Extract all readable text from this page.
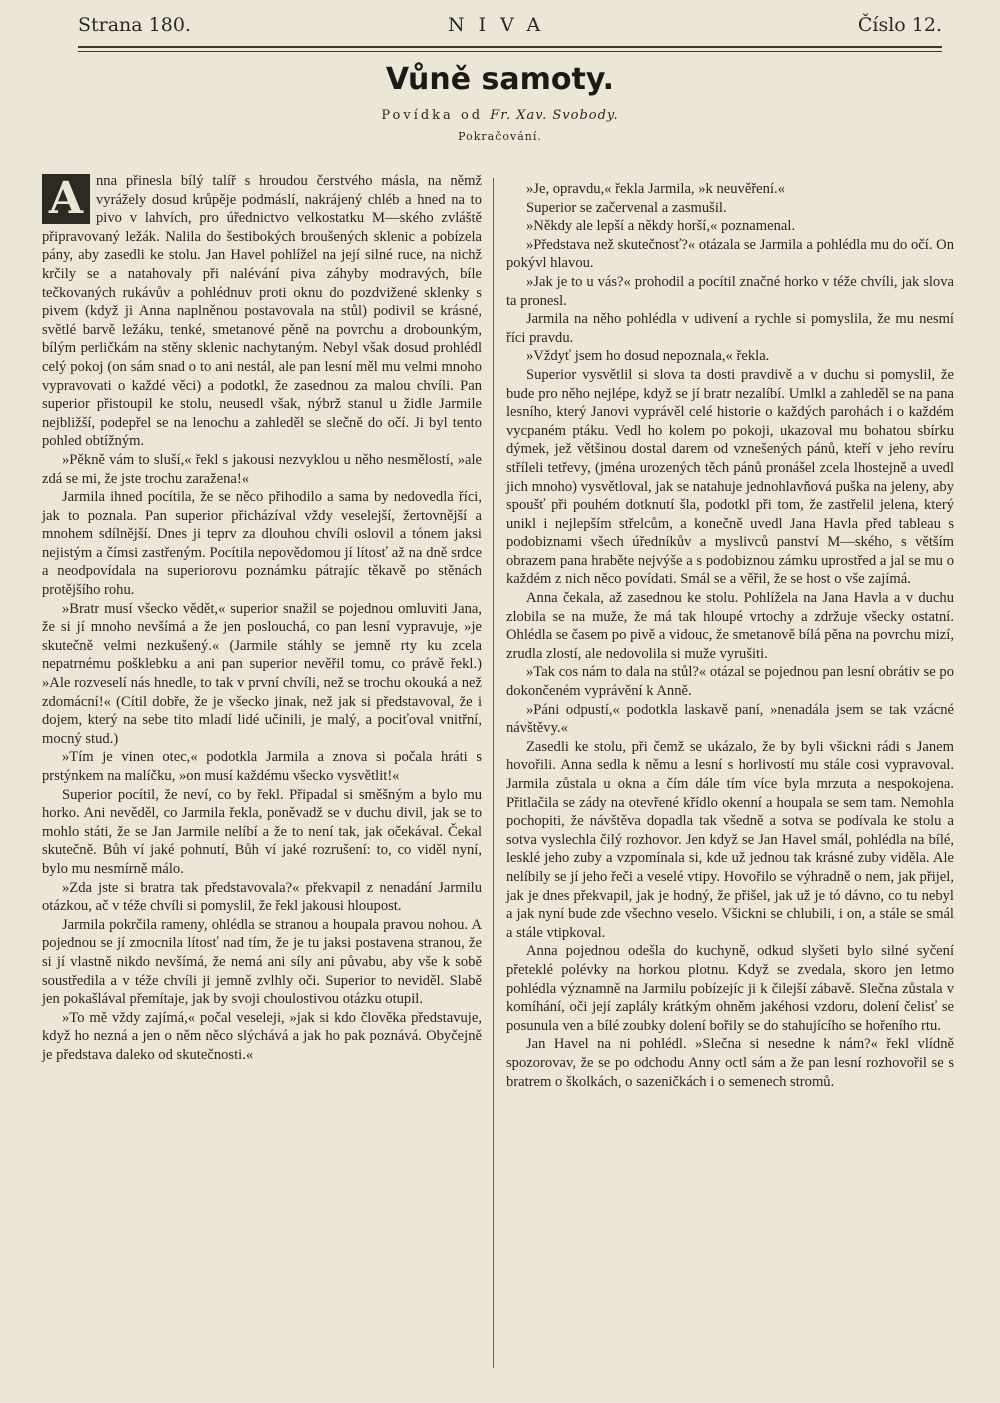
Strana 180.	NIVA	Číslo 12.
Vůně samoty.
Povídka od Fr. Xav. Svobody.
Pokračování.

A nna přinesla bílý talíř s hroudou čerstvého másla, na němž vyrážely dosud krůpěje podmáslí, nakrájený chléb a hned na to pivo v lahvích, pro úřednictvo velkostatku M—ského zvláště připravovaný ležák. Nalila do šestibokých broušených sklenic a pobízela pány, aby zasedli ke stolu. Jan Havel pohlížel na její silné ruce, na nichž krčily se a natahovaly při nalévání piva záhyby modravých, bíle tečkovaných rukávův a pohlédnuv proti oknu do pozdvižené sklenky s pivem (když ji Anna naplněnou postavovala na stůl) podivil se krásné, světlé barvě ležáku, tenké, smetanové pěně na povrchu a drobounkým, bílým perličkám na stěny sklenic nachytaným. Nebyl však dosud prohlédl celý pokoj (on sám snad o to ani nestál, ale pan lesní měl mu velmi mnoho vypravovati o každé věci) a podotkl, že zasednou za malou chvíli. Pan superior přistoupil ke stolu, neusedl však, nýbrž stanul u židle Jarmile nejbližší, podepřel se na lenochu a zahleděl se slečně do očí. Ji byl tento pohled obtížným.

»Pěkně vám to sluší,« řekl s jakousi nezvyklou u něho nesmělostí, »ale zdá se mi, že jste trochu zaražena!«

Jarmila ihned pocítila, že se něco přihodilo a sama by nedovedla říci, jak to poznala. Pan superior přicházíval vždy veselejší, žertovnější a mnohem sdílnější. Dnes ji teprv za dlouhou chvíli oslovil a tónem jaksi nejistým a čímsi zastřeným. Pocítila nepovědomou jí lítosť až na dně srdce a neodpovídala na superiorovu poznámku pátrajíc těkavě po stěnách protějšího rohu.

»Bratr musí všecko vědět,« superior snažil se pojednou omluviti Jana, že si jí mnoho nevšímá a že jen poslouchá, co pan lesní vypravuje, »je skutečně velmi nezkušený.« (Jarmile stáhly se jemně rty ku zcela nepatrnému pošklebku a ani pan superior nevěřil tomu, co právě řekl.) »Ale rozveselí nás hnedle, to tak v první chvíli, než se trochu okouká a než zdomácní!« (Cítil dobře, že je všecko jinak, než jak si představoval, že i dojem, který na sebe tito mladí lidé učinili, je malý, a pociťoval vnitřní, mocný stud.)

»Tím je vinen otec,« podotkla Jarmila a znova si počala hráti s prstýnkem na malíčku, »on musí každému všecko vysvětlit!«

Superior pocítil, že neví, co by řekl. Připadal si směšným a bylo mu horko. Ani nevěděl, co Jarmila řekla, poněvadž se v duchu divil, jak se to mohlo státi, že se Jan Jarmile nelíbí a že to není tak, jak očekával. Čekal skutečně. Bůh ví jaké pohnutí, Bůh ví jaké rozrušení: to, co viděl nyní, bylo mu nesmírně málo.

»Zda jste si bratra tak představovala?« překvapil z nenadání Jarmilu otázkou, ač v téže chvíli si pomyslil, že řekl jakousi hloupost.

Jarmila pokrčila rameny, ohlédla se stranou a houpala pravou nohou. A pojednou se jí zmocnila lítosť nad tím, že je tu jaksi postavena stranou, že si jí vlastně nikdo nevšímá, že nemá ani síly ani půvabu, aby vše k sobě soustředila a v téže chvíli ji jemně zvlhly oči. Superior to neviděl. Slabě jen pokašlával přemítaje, jak by svoji choulostivou otázku otupil.

»To mě vždy zajímá,« počal veseleji, »jak si kdo člověka představuje, když ho nezná a jen o něm něco slýchává a jak ho pak poznává. Obyčejně je představa daleko od skutečnosti.«

»Je, opravdu,« řekla Jarmila, »k neuvěření.«

Superior se začervenal a zasmušil.

»Někdy ale lepší a někdy horší,« poznamenal.

»Představa než skutečnosť?« otázala se Jarmila a pohlédla mu do očí. On pokývl hlavou.

»Jak je to u vás?« prohodil a pocítil značné horko v téže chvíli, jak slova ta pronesl.

Jarmila na něho pohlédla v udivení a rychle si pomyslila, že mu nesmí říci pravdu.

»Vždyť jsem ho dosud nepoznala,« řekla.

Superior vysvětlil si slova ta dosti pravdivě a v duchu si pomyslil, že bude pro něho nejlépe, když se jí bratr nezalíbí. Umlkl a zahleděl se na pana lesního, který Janovi vyprávěl celé historie o každých parohách i o každém vycpaném ptáku. Vedl ho kolem po pokoji, ukazoval mu bohatou sbírku dýmek, jež většinou dostal darem od vznešených pánů, kteří v jeho revíru stříleli tetřevy, (jména urozených těch pánů pronášel zcela lhostejně a uvedl jich mnoho) vysvětloval, jak se natahuje jednohlavňová puška na jeleny, aby spoušť při pouhém dotknutí šla, podotkl při tom, že zastřelil jelena, který unikl i nejlepším střelcům, a konečně uvedl Jana Havla před tableau s podobiznami všech úředníkův a myslivců panství M—ského, s větším obrazem pana hraběte nejvýše a s podobiznou zámku uprostřed a jal se mu o každém z nich něco povídati. Smál se a věřil, že se host o vše zajímá.

Anna čekala, až zasednou ke stolu. Pohlížela na Jana Havla a v duchu zlobila se na muže, že má tak hloupé vrtochy a zdržuje všecky ostatní. Ohlédla se časem po pivě a vidouc, že smetanově bílá pěna na povrchu mizí, zrudla zlostí, ale nedovolila si muže vyrušiti.

»Tak cos nám to dala na stůl?« otázal se pojednou pan lesní obrátiv se po dokončeném vyprávění k Anně.

»Páni odpustí,« podotkla laskavě paní, »nenadála jsem se tak vzácné návštěvy.«

Zasedli ke stolu, při čemž se ukázalo, že by byli všickni rádi s Janem hovořili. Anna sedla k němu a lesní s horlivostí mu stále cosi vypravoval. Jarmila zůstala u okna a čím dále tím více byla mrzuta a nespokojena. Přitlačila se zády na otevřené křídlo okenní a houpala se sem tam. Nemohla pochopiti, že návštěva dopadla tak všedně a sotva se podívala ke stolu a sotva vyslechla čilý rozhovor. Jen když se Jan Havel smál, pohlédla na bílé, lesklé jeho zuby a vzpomínala si, kde už jednou tak krásné zuby viděla. Ale nelíbily se jí jeho řeči a veselé vtipy. Hovořilo se výhradně o nem, jak přijel, jak je dnes překvapil, jak je hodný, že přišel, jak už je tó dávno, co tu nebyl a jak nyní bude zde všechno veselo. Všickni se chlubili, i on, a stále se smál a stále vtipkoval.

Anna pojednou odešla do kuchyně, odkud slyšeti bylo silné syčení přeteklé polévky na horkou plotnu. Když se zvedala, skoro jen letmo pohlédla významně na Jarmilu pobízejíc ji k čilejší zábavě. Slečna zůstala v komíhání, oči její zaplály krátkým ohněm jakéhosi vzdoru, dolení čelisť se posunula ven a bílé zoubky dolení bořily se do stahujícího se hořeního rtu.

Jan Havel na ni pohlédl. »Slečna si nesedne k nám?« řekl vlídně spozorovav, že se po odchodu Anny octl sám a že pan lesní rozhovořil se s bratrem o školkách, o sazeničkách i o semenech stromů.
